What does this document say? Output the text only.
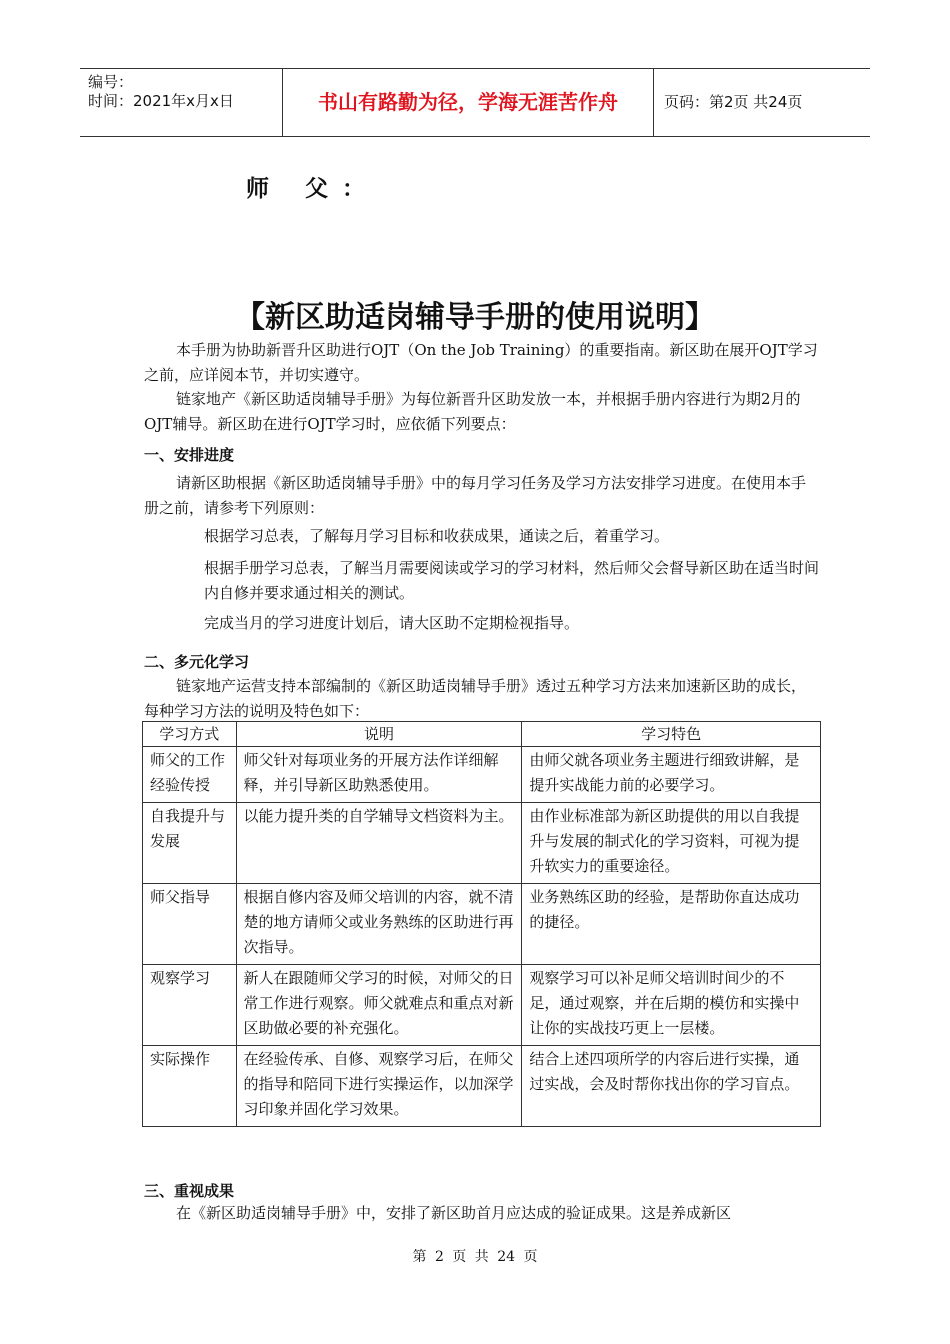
编号：
时间：2021年x月x日	书山有路勤为径，学海无涯苦作舟	页码：第2页 共24页
师 父：
【新区助适岗辅导手册的使用说明】
本手册为协助新晋升区助进行OJT（On the Job Training）的重要指南。新区助在展开OJT学习之前，应详阅本节，并切实遵守。
链家地产《新区助适岗辅导手册》为每位新晋升区助发放一本，并根据手册内容进行为期2月的OJT辅导。新区助在进行OJT学习时，应依循下列要点：
一、安排进度
请新区助根据《新区助适岗辅导手册》中的每月学习任务及学习方法安排学习进度。在使用本手册之前，请参考下列原则：
根据学习总表，了解每月学习目标和收获成果，通读之后，着重学习。
根据手册学习总表，了解当月需要阅读或学习的学习材料，然后师父会督导新区助在适当时间内自修并要求通过相关的测试。
完成当月的学习进度计划后，请大区助不定期检视指导。
二、多元化学习
链家地产运营支持本部编制的《新区助适岗辅导手册》透过五种学习方法来加速新区助的成长，每种学习方法的说明及特色如下：
学习方式	说明	学习特色
师父的工作经验传授	师父针对每项业务的开展方法作详细解释，并引导新区助熟悉使用。	由师父就各项业务主题进行细致讲解，是提升实战能力前的必要学习。
自我提升与发展	以能力提升类的自学辅导文档资料为主。	由作业标准部为新区助提供的用以自我提升与发展的制式化的学习资料，可视为提升软实力的重要途径。
师父指导	根据自修内容及师父培训的内容，就不清楚的地方请师父或业务熟练的区助进行再次指导。	业务熟练区助的经验，是帮助你直达成功的捷径。
观察学习	新人在跟随师父学习的时候，对师父的日常工作进行观察。师父就难点和重点对新区助做必要的补充强化。	观察学习可以补足师父培训时间少的不足，通过观察，并在后期的模仿和实操中让你的实战技巧更上一层楼。
实际操作	在经验传承、自修、观察学习后，在师父的指导和陪同下进行实操运作，以加深学习印象并固化学习效果。	结合上述四项所学的内容后进行实操，通过实战，会及时帮你找出你的学习盲点。
三、重视成果
在《新区助适岗辅导手册》中，安排了新区助首月应达成的验证成果。这是养成新区
第 2 页 共 24 页
